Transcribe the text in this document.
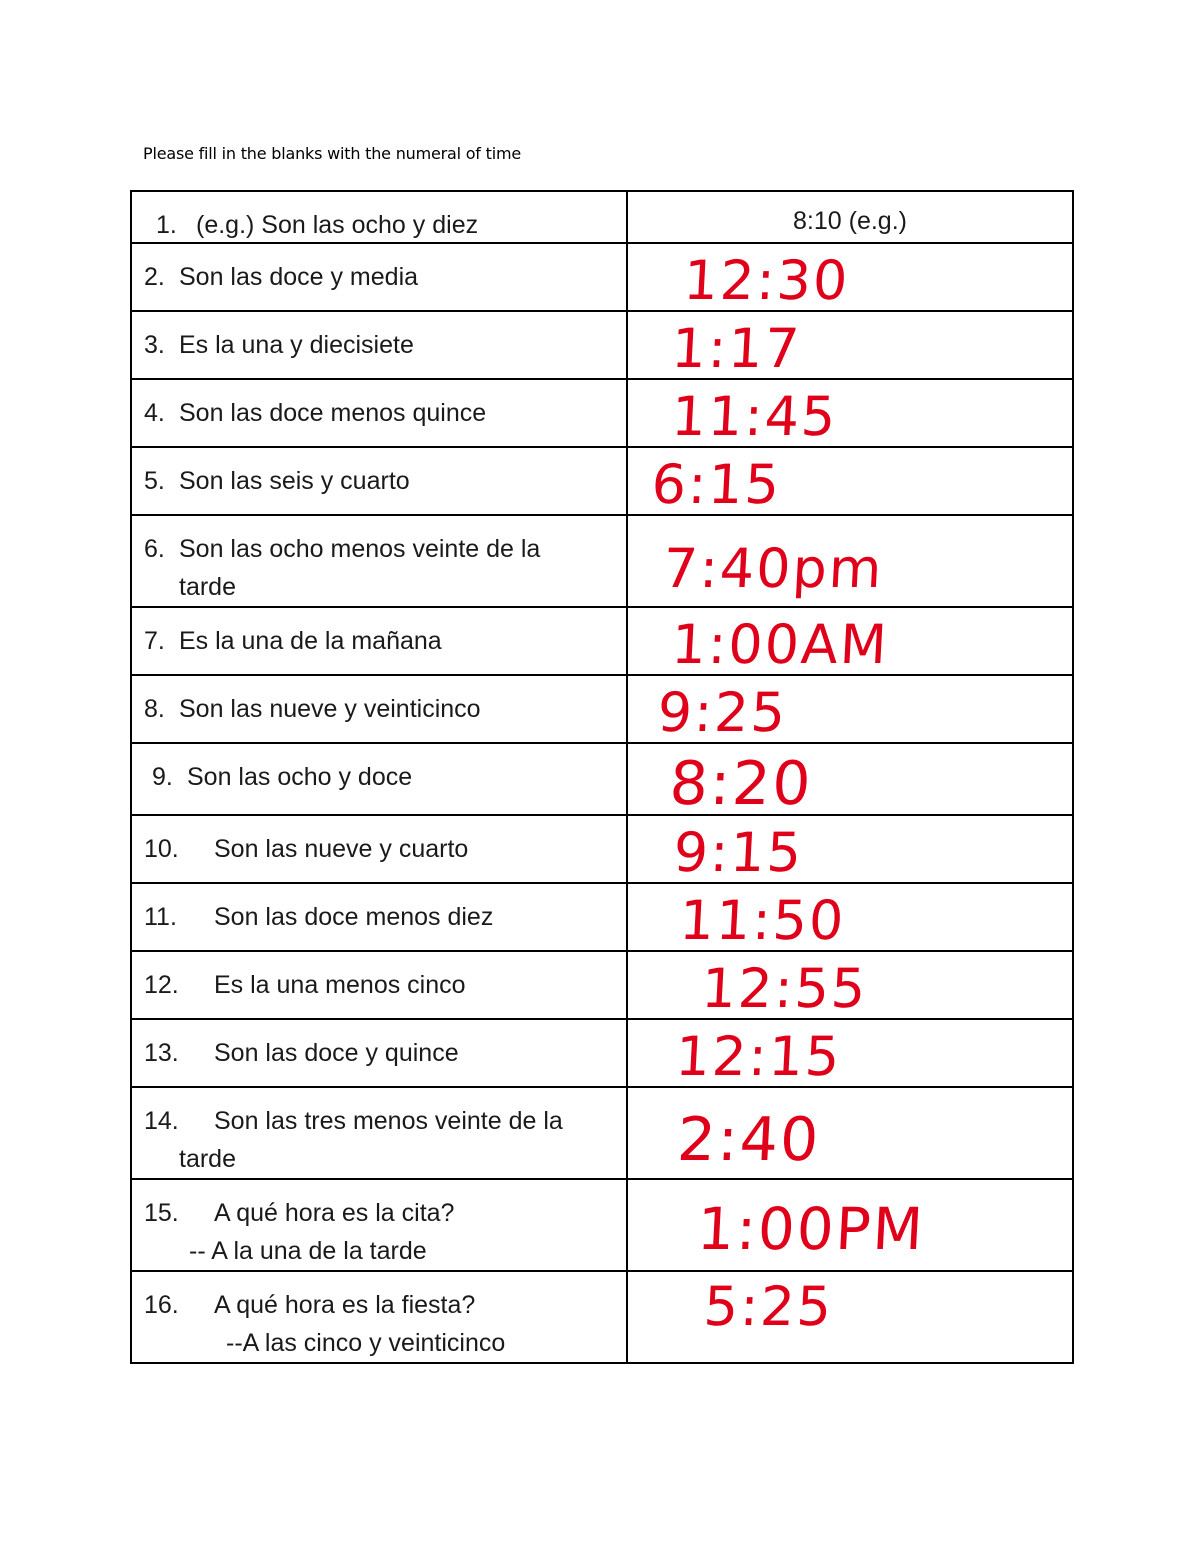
Please fill in the blanks with the numeral of time
1. (e.g.) Son las ocho y diez	8:10 (e.g.)

2. Son las doce y media	12:30

3. Es la una y diecisiete	1:17

4. Son las doce menos quince	11:45

5. Son las seis y cuarto	6:15

6. Son las ocho menos veinte de la
tarde	7:40pm

7. Es la una de la mañana	1:00AM

8. Son las nueve y veinticinco	9:25

9. Son las ocho y doce	8:20

10. Son las nueve y cuarto	9:15

11. Son las doce menos diez	11:50

12. Es la una menos cinco	12:55

13. Son las doce y quince	12:15

14. Son las tres menos veinte de la
tarde	2:40

15. A qué hora es la cita?
-- A la una de la tarde	1:00PM

16. A qué hora es la fiesta?
--A las cinco y veinticinco	5:25
